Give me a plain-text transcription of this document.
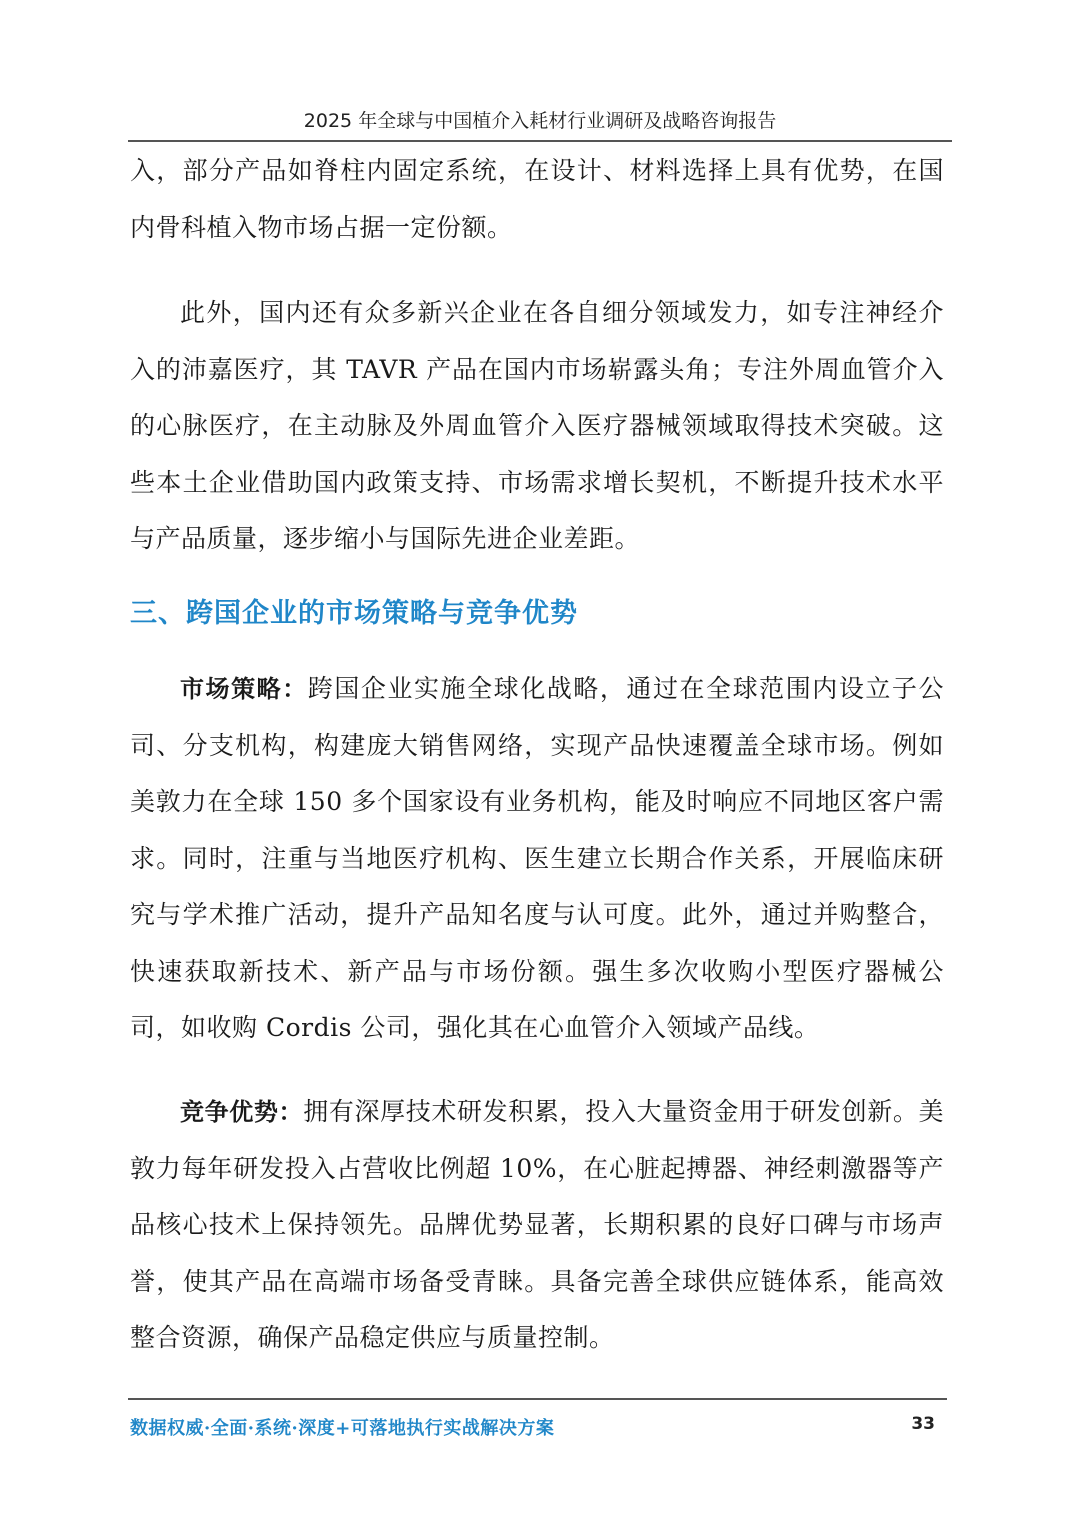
2025 年全球与中国植介入耗材行业调研及战略咨询报告

入，部分产品如脊柱内固定系统，在设计、材料选择上具有优势，在国内骨科植入物市场占据一定份额。

此外，国内还有众多新兴企业在各自细分领域发力，如专注神经介入的沛嘉医疗，其 TAVR 产品在国内市场崭露头角；专注外周血管介入的心脉医疗，在主动脉及外周血管介入医疗器械领域取得技术突破。这些本土企业借助国内政策支持、市场需求增长契机，不断提升技术水平与产品质量，逐步缩小与国际先进企业差距。

三、跨国企业的市场策略与竞争优势

市场策略：跨国企业实施全球化战略，通过在全球范围内设立子公司、分支机构，构建庞大销售网络，实现产品快速覆盖全球市场。例如美敦力在全球 150 多个国家设有业务机构，能及时响应不同地区客户需求。同时，注重与当地医疗机构、医生建立长期合作关系，开展临床研究与学术推广活动，提升产品知名度与认可度。此外，通过并购整合，快速获取新技术、新产品与市场份额。强生多次收购小型医疗器械公司，如收购 Cordis 公司，强化其在心血管介入领域产品线。

竞争优势：拥有深厚技术研发积累，投入大量资金用于研发创新。美敦力每年研发投入占营收比例超 10%，在心脏起搏器、神经刺激器等产品核心技术上保持领先。品牌优势显著，长期积累的良好口碑与市场声誉，使其产品在高端市场备受青睐。具备完善全球供应链体系，能高效整合资源，确保产品稳定供应与质量控制。

数据权威·全面·系统·深度+可落地执行实战解决方案	33
